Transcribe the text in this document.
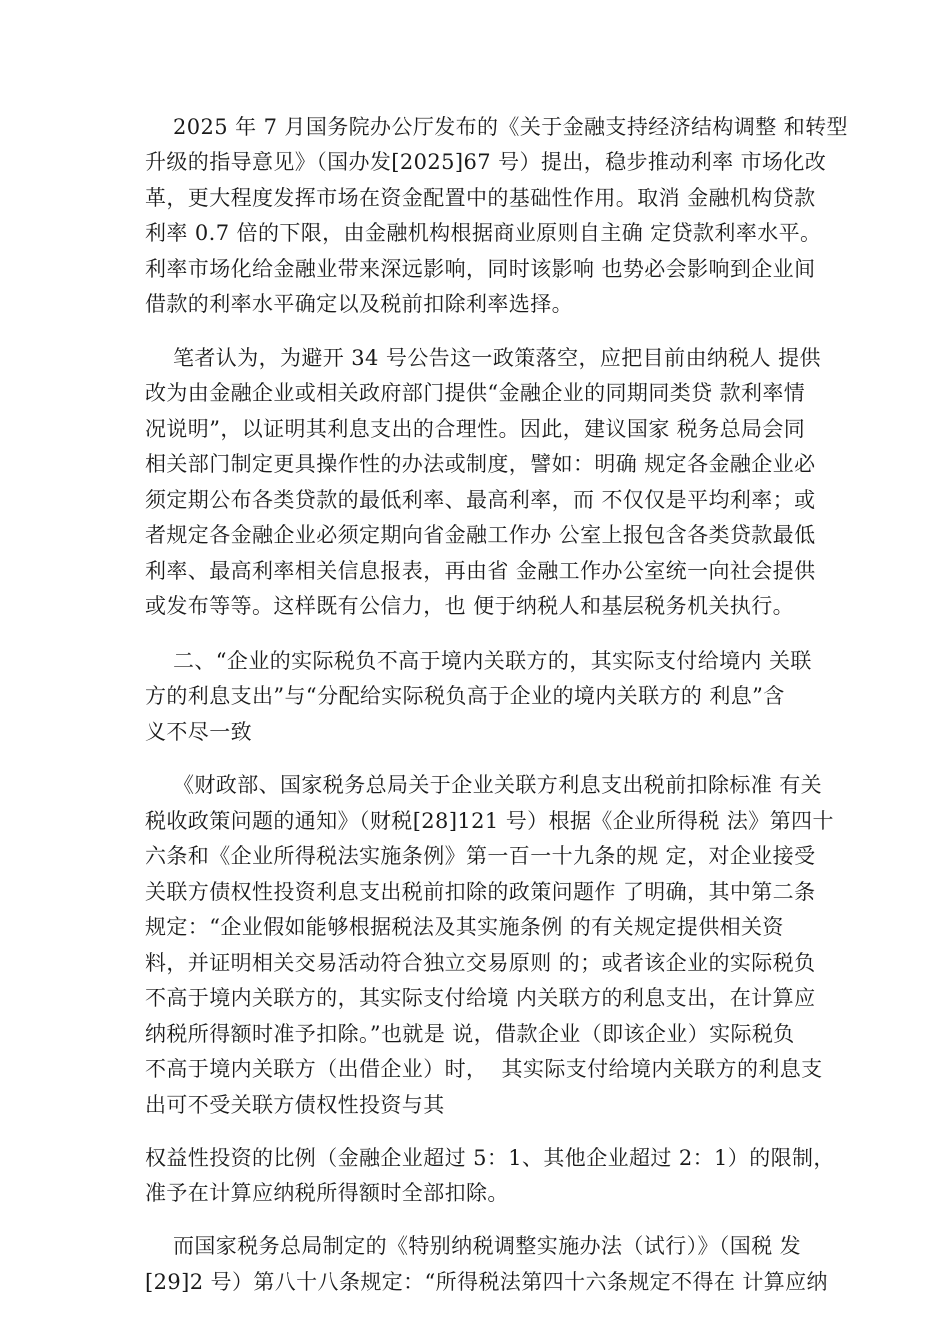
2025 年 7 月国务院办公厅发布的《关于金融支持经济结构调整 和转型
升级的指导意见》（国办发[2025]67 号）提出，稳步推动利率 市场化改
革，更大程度发挥市场在资金配置中的基础性作用。取消 金融机构贷款
利率 0.7 倍的下限，由金融机构根据商业原则自主确 定贷款利率水平。
利率市场化给金融业带来深远影响，同时该影响 也势必会影响到企业间
借款的利率水平确定以及税前扣除利率选择。
笔者认为，为避开 34 号公告这一政策落空，应把目前由纳税人 提供
改为由金融企业或相关政府部门提供“金融企业的同期同类贷 款利率情
况说明”，以证明其利息支出的合理性。因此，建议国家 税务总局会同
相关部门制定更具操作性的办法或制度，譬如：明确 规定各金融企业必
须定期公布各类贷款的最低利率、最高利率，而 不仅仅是平均利率；或
者规定各金融企业必须定期向省金融工作办 公室上报包含各类贷款最低
利率、最高利率相关信息报表，再由省 金融工作办公室统一向社会提供
或发布等等。这样既有公信力，也 便于纳税人和基层税务机关执行。
二、“企业的实际税负不高于境内关联方的，其实际支付给境内 关联
方的利息支出”与“分配给实际税负高于企业的境内关联方的 利息”含
义不尽一致
《财政部、国家税务总局关于企业关联方利息支出税前扣除标准 有关
税收政策问题的通知》（财税[28]121 号）根据《企业所得税 法》第四十
六条和《企业所得税法实施条例》第一百一十九条的规 定，对企业接受
关联方债权性投资利息支出税前扣除的政策问题作 了明确，其中第二条
规定：“企业假如能够根据税法及其实施条例 的有关规定提供相关资
料，并证明相关交易活动符合独立交易原则 的；或者该企业的实际税负
不高于境内关联方的，其实际支付给境 内关联方的利息支出，在计算应
纳税所得额时准予扣除。”也就是 说，借款企业（即该企业）实际税负
不高于境内关联方（出借企业）时，  其实际支付给境内关联方的利息支
出可不受关联方债权性投资与其
权益性投资的比例（金融企业超过 5：1、其他企业超过 2：1）的限制，
准予在计算应纳税所得额时全部扣除。
而国家税务总局制定的《特别纳税调整实施办法（试行）》（国税 发
[29]2 号）第八十八条规定：“所得税法第四十六条规定不得在 计算应纳
